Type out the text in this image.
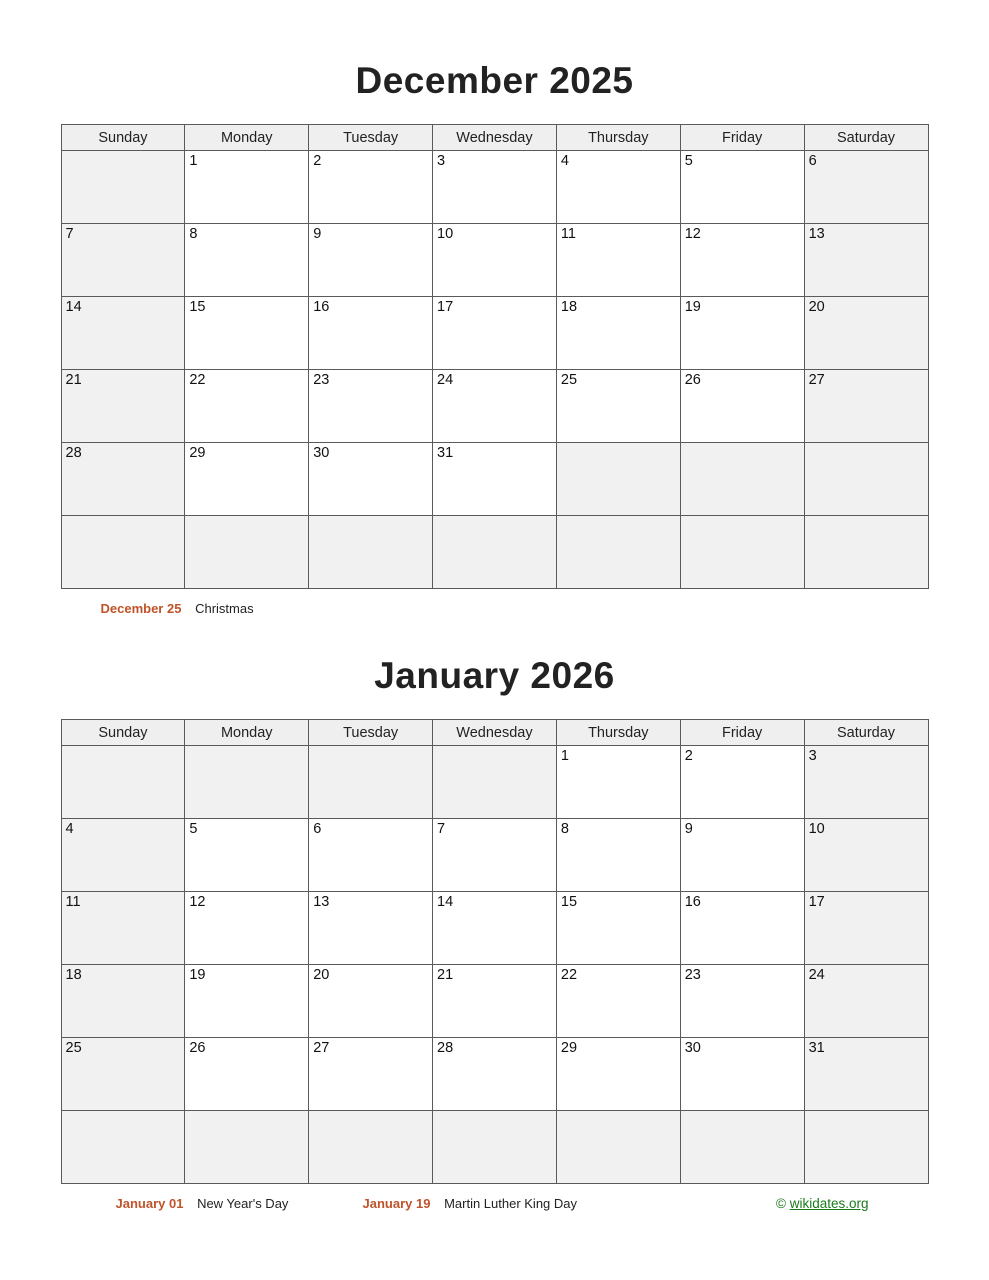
December 2025
Sunday	Monday	Tuesday	Wednesday	Thursday	Friday	Saturday

	1	2	3	4	5	6

7	8	9	10	11	12	13

14	15	16	17	18	19	20

21	22	23	24	25	26	27

28	29	30	31			

December 25 Christmas
January 2026
Sunday	Monday	Tuesday	Wednesday	Thursday	Friday	Saturday

				1	2	3

4	5	6	7	8	9	10

11	12	13	14	15	16	17

18	19	20	21	22	23	24

25	26	27	28	29	30	31

January 01 New Year's Day	January 19 Martin Luther King Day	© wikidates.org
